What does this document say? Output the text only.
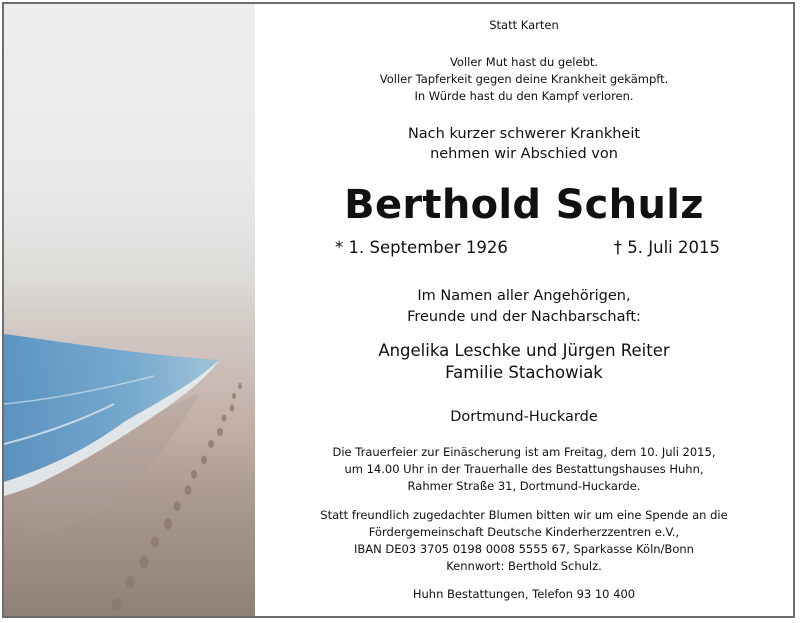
Statt Karten
Voller Mut hast du gelebt.
Voller Tapferkeit gegen deine Krankheit gekämpft.
In Würde hast du den Kampf verloren.
Nach kurzer schwerer Krankheit
nehmen wir Abschied von
Berthold Schulz
* 1. September 1926	† 5. Juli 2015
Im Namen aller Angehörigen,
Freunde und der Nachbarschaft:
Angelika Leschke und Jürgen Reiter
Familie Stachowiak
Dortmund-Huckarde
Die Trauerfeier zur Einäscherung ist am Freitag, dem 10. Juli 2015,
um 14.00 Uhr in der Trauerhalle des Bestattungshauses Huhn,
Rahmer Straße 31, Dortmund-Huckarde.
Statt freundlich zugedachter Blumen bitten wir um eine Spende an die
Fördergemeinschaft Deutsche Kinderherzzentren e.V.,
IBAN DE03 3705 0198 0008 5555 67, Sparkasse Köln/Bonn
Kennwort: Berthold Schulz.
Huhn Bestattungen, Telefon 93 10 400
